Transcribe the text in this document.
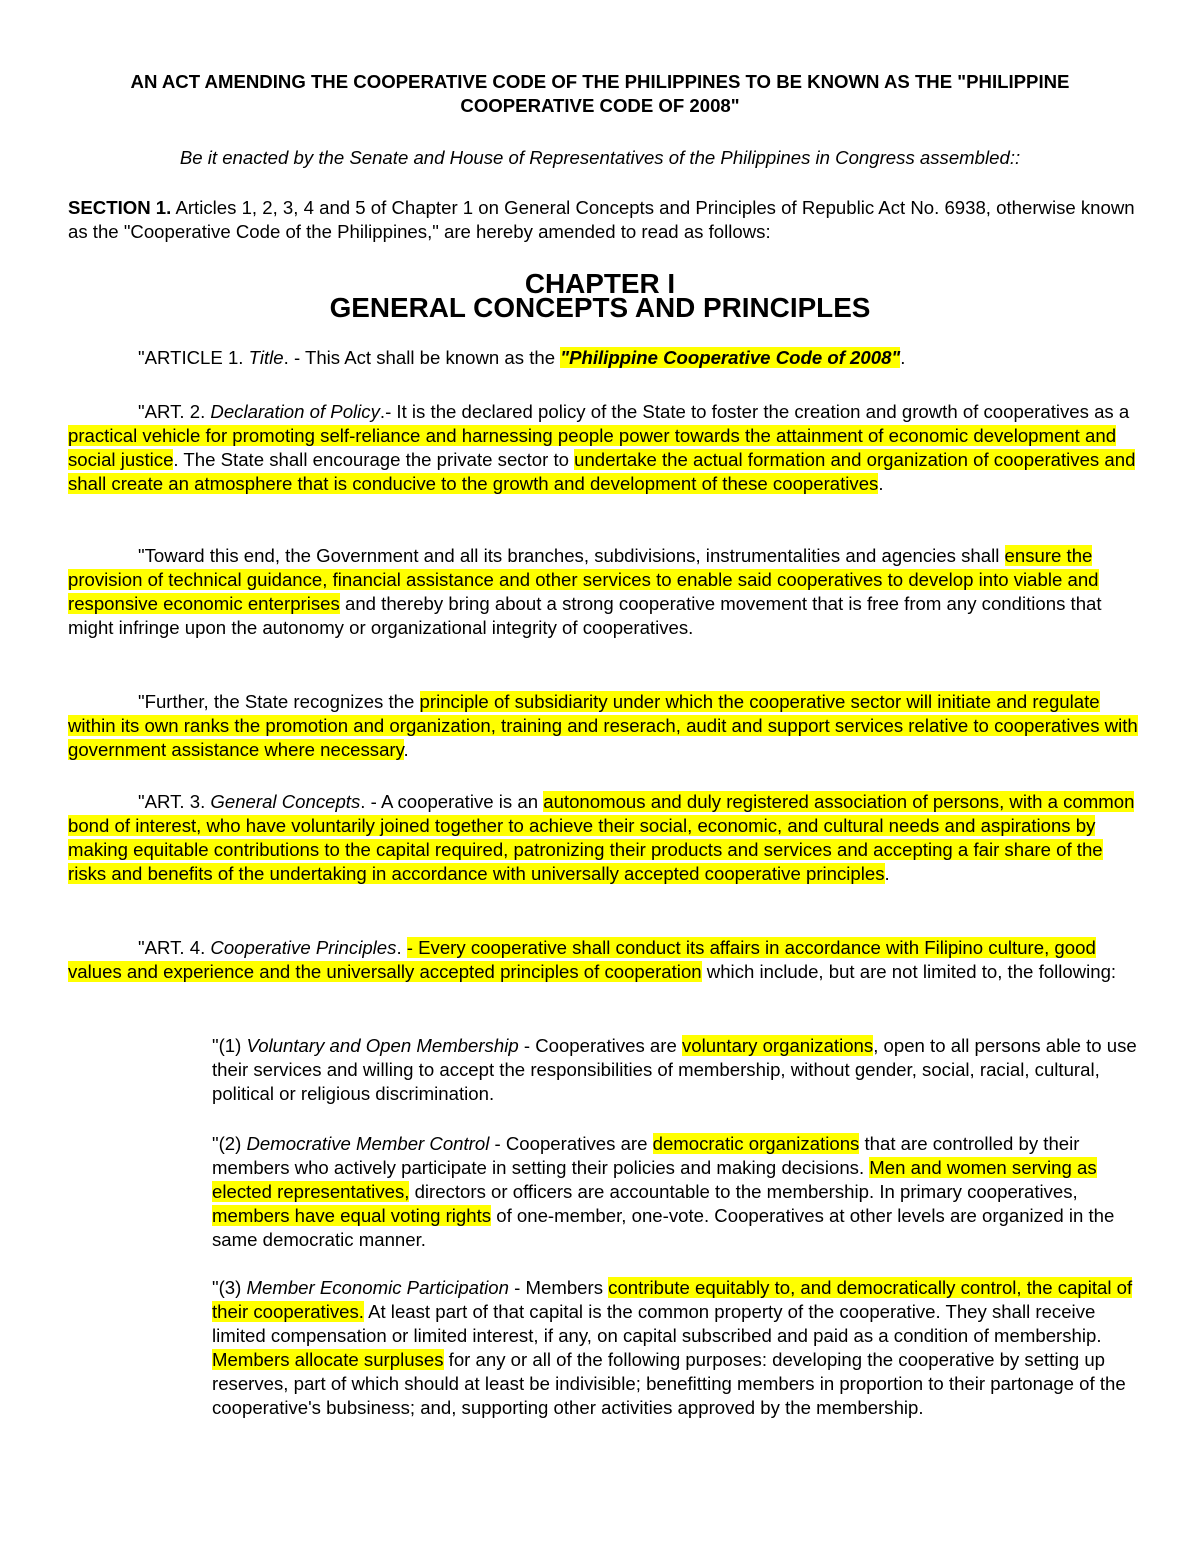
AN ACT AMENDING THE COOPERATIVE CODE OF THE PHILIPPINES TO BE KNOWN AS THE "PHILIPPINE
COOPERATIVE CODE OF 2008"

Be it enacted by the Senate and House of Representatives of the Philippines in Congress assembled::

SECTION 1. Articles 1, 2, 3, 4 and 5 of Chapter 1 on General Concepts and Principles of Republic Act No. 6938, otherwise known as the "Cooperative Code of the Philippines," are hereby amended to read as follows:

CHAPTER I
GENERAL CONCEPTS AND PRINCIPLES

"ARTICLE 1. Title. - This Act shall be known as the "Philippine Cooperative Code of 2008".

"ART. 2. Declaration of Policy.- It is the declared policy of the State to foster the creation and growth of cooperatives as a practical vehicle for promoting self-reliance and harnessing people power towards the attainment of economic development and social justice. The State shall encourage the private sector to undertake the actual formation and organization of cooperatives and shall create an atmosphere that is conducive to the growth and development of these cooperatives.

"Toward this end, the Government and all its branches, subdivisions, instrumentalities and agencies shall ensure the provision of technical guidance, financial assistance and other services to enable said cooperatives to develop into viable and responsive economic enterprises and thereby bring about a strong cooperative movement that is free from any conditions that might infringe upon the autonomy or organizational integrity of cooperatives.

"Further, the State recognizes the principle of subsidiarity under which the cooperative sector will initiate and regulate within its own ranks the promotion and organization, training and reserach, audit and support services relative to cooperatives with government assistance where necessary.

"ART. 3. General Concepts. - A cooperative is an autonomous and duly registered association of persons, with a common bond of interest, who have voluntarily joined together to achieve their social, economic, and cultural needs and aspirations by making equitable contributions to the capital required, patronizing their products and services and accepting a fair share of the risks and benefits of the undertaking in accordance with universally accepted cooperative principles.

"ART. 4. Cooperative Principles. - Every cooperative shall conduct its affairs in accordance with Filipino culture, good values and experience and the universally accepted principles of cooperation which include, but are not limited to, the following:

"(1) Voluntary and Open Membership - Cooperatives are voluntary organizations, open to all persons able to use their services and willing to accept the responsibilities of membership, without gender, social, racial, cultural, political or religious discrimination.

"(2) Democrative Member Control - Cooperatives are democratic organizations that are controlled by their members who actively participate in setting their policies and making decisions. Men and women serving as elected representatives, directors or officers are accountable to the membership. In primary cooperatives, members have equal voting rights of one-member, one-vote. Cooperatives at other levels are organized in the same democratic manner.

"(3) Member Economic Participation - Members contribute equitably to, and democratically control, the capital of their cooperatives. At least part of that capital is the common property of the cooperative. They shall receive limited compensation or limited interest, if any, on capital subscribed and paid as a condition of membership. Members allocate surpluses for any or all of the following purposes: developing the cooperative by setting up reserves, part of which should at least be indivisible; benefitting members in proportion to their partonage of the cooperative's bubsiness; and, supporting other activities approved by the membership.
